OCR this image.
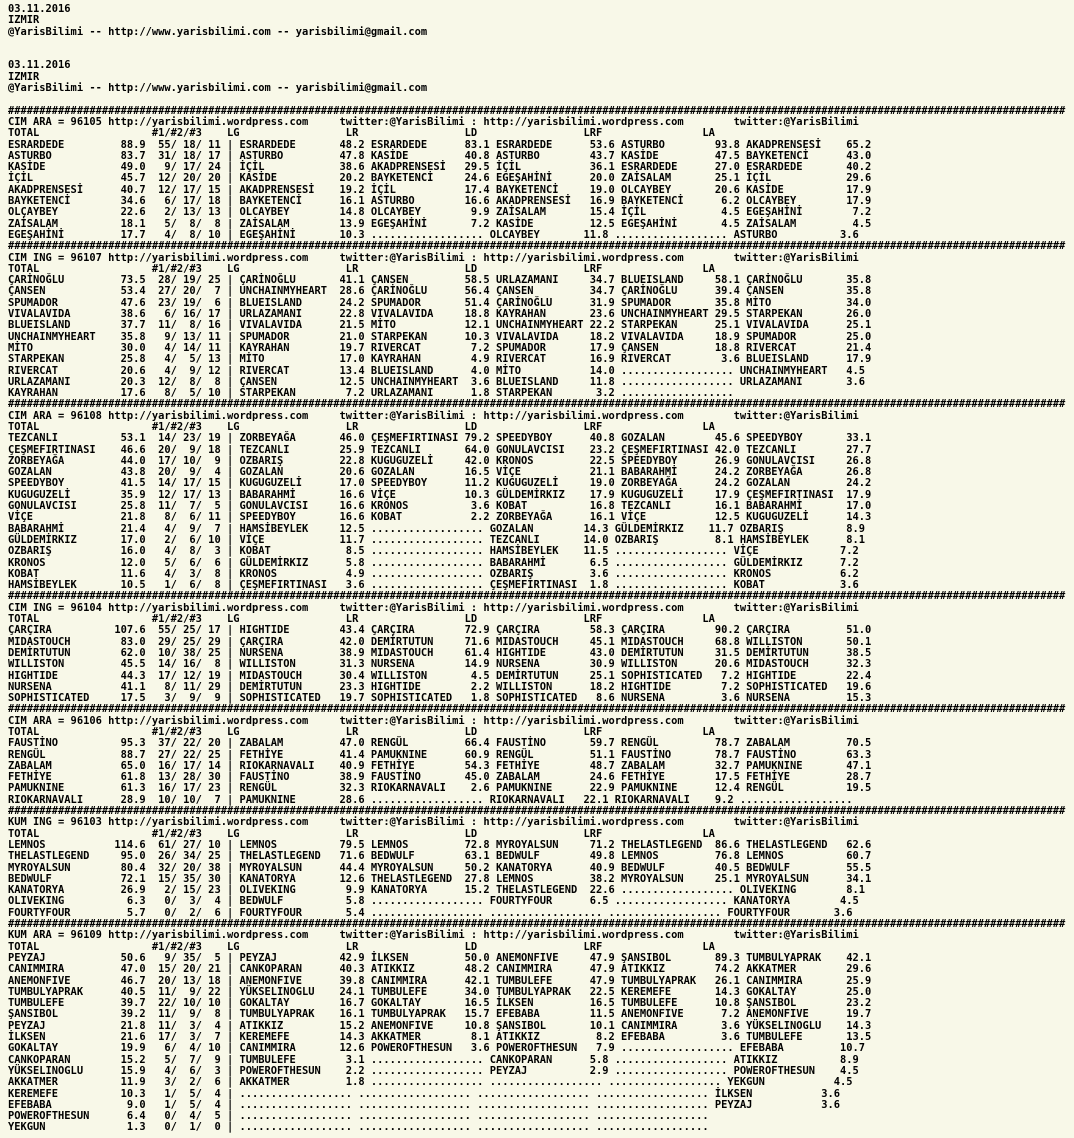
03.11.2016
IZMIR
@YarisBilimi -- http://www.yarisbilimi.com -- yarisbilimi@gmail.com
03.11.2016
IZMIR
@YarisBilimi -- http://www.yarisbilimi.com -- yarisbilimi@gmail.com
#########################################################################################################################################################################
CIM ARA = 96105 http://yarisbilimi.wordpress.com     twitter:@YarisBilimi : http://yarisbilimi.wordpress.com        twitter:@YarisBilimi
TOTAL                  #1/#2/#3    LG                 LR                 LD                 LRF                LA
ESRARDEDE         88.9  55/ 18/ 11 | ESRARDEDE       48.2 ESRARDEDE      83.1 ESRARDEDE      53.6 ASTURBO        93.8 AKADPRENSESİ    65.2
ASTURBO           83.7  31/ 18/ 17 | ASTURBO         47.8 KASİDE         40.8 ASTURBO        43.7 KASİDE         47.5 BAYKETENCİ      43.0
KASİDE            49.0   9/ 17/ 24 | İÇİL            38.6 AKADPRENSESİ   29.5 İÇİL           36.1 ESRARDEDE      27.0 ESRARDEDE       40.2
İÇİL              45.7  12/ 20/ 20 | KASİDE          20.2 BAYKETENCİ     24.6 EGEŞAHİNİ      20.0 ZAİSALAM       25.1 İÇİL            29.6
AKADPRENSESİ      40.7  12/ 17/ 15 | AKADPRENSESİ    19.2 İÇİL           17.4 BAYKETENCİ     19.0 OLCAYBEY       20.6 KASİDE          17.9
BAYKETENCİ        34.6   6/ 17/ 18 | BAYKETENCİ      16.1 ASTURBO        16.6 AKADPRENSESİ   16.9 BAYKETENCİ      6.2 OLCAYBEY        17.9
OLÇAYBEY          22.6   2/ 13/ 13 | OLCAYBEY        14.8 OLCAYBEY        9.9 ZAİSALAM       15.4 İÇİL            4.5 EGEŞAHİNİ        7.2
ZAİSALAM          18.1   5/  8/  8 | ZAİSALAM        13.9 EGEŞAHİNİ       7.2 KASİDE         12.5 EGEŞAHİNİ       4.5 ZAİSALAM         4.5
EGEŞAHİNİ         17.7   4/  8/ 10 | EGEŞAHİNİ       10.3 .................. OLCAYBEY       11.8 .................. ASTURBO          3.6
#########################################################################################################################################################################
CIM ING = 96107 http://yarisbilimi.wordpress.com     twitter:@YarisBilimi : http://yarisbilimi.wordpress.com        twitter:@YarisBilimi
TOTAL                  #1/#2/#3    LG                 LR                 LD                 LRF                LA
ÇARİNOĞLU         73.5  28/ 19/ 25 | ÇARİNOĞLU       41.1 ÇANSEN         58.5 URLAZAMANI     34.7 BLUEISLAND     58.1 ÇARİNOĞLU       35.8
ÇANSEN            53.4  27/ 20/  7 | UNCHAINMYHEART  28.6 ÇARİNOĞLU      56.4 ÇANSEN         34.7 ÇARİNOĞLU      39.4 ÇANSEN          35.8
SPUMADOR          47.6  23/ 19/  6 | BLUEISLAND      24.2 SPUMADOR       51.4 ÇARİNOĞLU      31.9 SPUMADOR       35.8 MİTO            34.0
VIVALAVIDA        38.6   6/ 16/ 17 | URLAZAMANI      22.8 VIVALAVIDA     18.8 KAYRAHAN       23.6 UNCHAINMYHEART 29.5 STARPEKAN       26.0
BLUEISLAND        37.7  11/  8/ 16 | VIVALAVIDA      21.5 MİTO           12.1 UNCHAINMYHEART 22.2 STARPEKAN      25.1 VIVALAVIDA      25.1
UNCHAINMYHEART    35.8   9/ 13/ 11 | SPUMADOR        21.0 STARPEKAN      10.3 VIVALAVIDA     18.2 VIVALAVIDA     18.9 SPUMADOR        25.0
MİTO              30.0   4/ 14/ 11 | KAYRAHAN        19.7 RIVERCAT        7.2 SPUMADOR       17.9 ÇANSEN         18.8 RIVERCAT        21.4
STARPEKAN         25.8   4/  5/ 13 | MİTO            17.0 KAYRAHAN        4.9 RIVERCAT       16.9 RIVERCAT        3.6 BLUEISLAND      17.9
RIVERCAT          20.6   4/  9/ 12 | RIVERCAT        13.4 BLUEISLAND      4.0 MİTO           14.0 .................. UNCHAINMYHEART   4.5
URLAZAMANI        20.3  12/  8/  8 | ÇANSEN          12.5 UNCHAINMYHEART  3.6 BLUEISLAND     11.8 .................. URLAZAMANI       3.6
KAYRAHAN          17.6   8/  5/ 10 | STARPEKAN        7.2 URLAZAMANI      1.8 STARPEKAN       3.2 ..................
#########################################################################################################################################################################
CIM ARA = 96108 http://yarisbilimi.wordpress.com     twitter:@YarisBilimi : http://yarisbilimi.wordpress.com        twitter:@YarisBilimi
TOTAL                  #1/#2/#3    LG                 LR                 LD                 LRF                LA
TEZCANLI          53.1  14/ 23/ 19 | ZORBEYAĞA       46.0 ÇEŞMEFIRTINASI 79.2 SPEEDYBOY      40.8 GOZALAN        45.6 SPEEDYBOY       33.1
ÇEŞMEFIRTINASI    46.6  20/  9/ 18 | TEZCANLI        25.9 TEZCANLI       64.0 GONULAVCISI    23.2 ÇEŞMEFIRTINASI 42.0 TEZCANLI        27.7
ZORBEYAĞA         44.0  17/ 10/  9 | OZBARIŞ         22.8 KUGUGUZELİ     42.0 KRONOS         22.5 SPEEDYBOY      26.9 GONULAVCISI     26.8
GOZALAN           43.8  20/  9/  4 | GOZALAN         20.6 GOZALAN        16.5 VİÇE           21.1 BABARAHMİ      24.2 ZORBEYAĞA       26.8
SPEEDYBOY         41.5  14/ 17/ 15 | KUGUGUZELİ      17.0 SPEEDYBOY      11.2 KUGUGUZELİ     19.0 ZORBEYAĞA      24.2 GOZALAN         24.2
KUGUGUZELİ        35.9  12/ 17/ 13 | BABARAHMİ       16.6 VİÇE           10.3 GÜLDEMİRKIZ    17.9 KUGUGUZELİ     17.9 ÇEŞMEFIRTINASI  17.9
GONULAVCISI       25.8  11/  7/  5 | GONULAVCISI     16.6 KRONOS          3.6 KOBAT          16.8 TEZCANLI       16.1 BABARAHMİ       17.0
VİÇE              21.8   8/  6/ 11 | SPEEDYBOY       16.6 KOBAT           2.2 ZORBEYAĞA      16.1 VİÇE           12.5 KUGUGUZELİ      14.3
BABARAHMİ         21.4   4/  9/  7 | HAMSİBEYLEK     12.5 .................. GOZALAN        14.3 GÜLDEMİRKIZ    11.7 OZBARIŞ          8.9
GÜLDEMİRKIZ       17.0   2/  6/ 10 | VİÇE            11.7 .................. TEZCANLI       14.0 OZBARIŞ         8.1 HAMSİBEYLEK      8.1
OZBARIŞ           16.0   4/  8/  3 | KOBAT            8.5 .................. HAMSİBEYLEK    11.5 .................. VİÇE             7.2
KRONOS            12.0   5/  6/  6 | GÜLDEMİRKIZ      5.8 .................. BABARAHMİ       6.5 .................. GÜLDEMİRKIZ      7.2
KOBAT             11.6   4/  3/  8 | KRONOS           4.9 .................. OZBARIŞ         3.6 .................. KRONOS           6.2
HAMSİBEYLEK       10.5   1/  6/  8 | ÇEŞMEFIRTINASI   3.6 .................. ÇEŞMEFIRTINASI  1.8 .................. KOBAT            3.6
#########################################################################################################################################################################
CIM ING = 96104 http://yarisbilimi.wordpress.com     twitter:@YarisBilimi : http://yarisbilimi.wordpress.com        twitter:@YarisBilimi
TOTAL                  #1/#2/#3    LG                 LR                 LD                 LRF                LA
ÇARÇIRA          107.6  55/ 25/ 17 | HIGHTIDE        43.4 ÇARÇIRA        72.9 ÇARÇIRA        58.3 ÇARÇIRA        90.2 ÇARÇIRA         51.0
MIDASTOUCH        83.0  29/ 25/ 29 | ÇARÇIRA         42.0 DEMİRTUTUN     71.6 MIDASTOUCH     45.1 MIDASTOUCH     68.8 WILLISTON       50.1
DEMİRTUTUN        62.0  10/ 38/ 25 | NURSENA         38.9 MIDASTOUCH     61.4 HIGHTIDE       43.0 DEMİRTUTUN     31.5 DEMİRTUTUN      38.5
WILLISTON         45.5  14/ 16/  8 | WILLISTON       31.3 NURSENA        14.9 NURSENA        30.9 WILLISTON      20.6 MIDASTOUCH      32.3
HIGHTIDE          44.3  17/ 12/ 19 | MIDASTOUCH      30.4 WILLISTON       4.5 DEMİRTUTUN     25.1 SOPHISTICATED   7.2 HIGHTIDE        22.4
NURSENA           41.1   8/ 11/ 29 | DEMİRTUTUN      23.3 HIGHTIDE        2.2 WILLISTON      18.2 HIGHTIDE        7.2 SOPHISTICATED   19.6
SOPHISTICATED     17.5   3/  9/  9 | SOPHISTICATED   19.7 SOPHISTICATED   1.8 SOPHISTICATED   8.6 NURSENA         3.6 NURSENA         15.3
#########################################################################################################################################################################
CIM ARA = 96106 http://yarisbilimi.wordpress.com     twitter:@YarisBilimi : http://yarisbilimi.wordpress.com        twitter:@YarisBilimi
TOTAL                  #1/#2/#3    LG                 LR                 LD                 LRF                LA
FAUSTİNO          95.3  37/ 22/ 20 | ZABALAM         47.0 RENGÜL         66.4 FAUSTİNO       59.7 RENGÜL         78.7 ZABALAM         70.5
RENGÜL            88.7  27/ 22/ 25 | FETHİYE         41.4 PAMUKNINE      60.9 RENGÜL         51.1 FAUSTİNO       78.7 FAUSTİNO        63.3
ZABALAM           65.0  16/ 17/ 14 | RIOKARNAVALI    40.9 FETHİYE        54.3 FETHİYE        48.7 ZABALAM        32.7 PAMUKNINE       47.1
FETHİYE           61.8  13/ 28/ 30 | FAUSTİNO        38.9 FAUSTİNO       45.0 ZABALAM        24.6 FETHİYE        17.5 FETHİYE         28.7
PAMUKNINE         61.3  16/ 17/ 23 | RENGÜL          32.3 RIOKARNAVALI    2.6 PAMUKNINE      22.9 PAMUKNINE      12.4 RENGÜL          19.5
RIOKARNAVALI      28.9  10/ 10/  7 | PAMUKNINE       28.6 .................. RIOKARNAVALI   22.1 RIOKARNAVALI    9.2 ..................
#########################################################################################################################################################################
KUM ING = 96103 http://yarisbilimi.wordpress.com     twitter:@YarisBilimi : http://yarisbilimi.wordpress.com        twitter:@YarisBilimi
TOTAL                  #1/#2/#3    LG                 LR                 LD                 LRF                LA
LEMNOS           114.6  61/ 27/ 10 | LEMNOS          79.5 LEMNOS         72.8 MYROYALSUN     71.2 THELASTLEGEND  86.6 THELASTLEGEND   62.6
THELASTLEGEND     95.0  26/ 34/ 25 | THELASTLEGEND   71.6 BEDWULF        63.1 BEDWULF        49.8 LEMNOS         76.8 LEMNOS          60.7
MYROYALSUN        80.4  32/ 20/ 38 | MYROYALSUN      44.4 MYROYALSUN     50.2 KANATORYA      40.9 BEDWULF        40.5 BEDWULF         55.5
BEDWULF           72.1  15/ 35/ 30 | KANATORYA       12.6 THELASTLEGEND  27.8 LEMNOS         38.2 MYROYALSUN     25.1 MYROYALSUN      34.1
KANATORYA         26.9   2/ 15/ 23 | OLIVEKING        9.9 KANATORYA      15.2 THELASTLEGEND  22.6 .................. OLIVEKING        8.1
OLIVEKING          6.3   0/  3/  4 | BEDWULF          5.8 .................. FOURTYFOUR      6.5 .................. KANATORYA        4.5
FOURTYFOUR         5.7   0/  2/  6 | FOURTYFOUR       5.4 .................. .................. .................. FOURTYFOUR       3.6
#########################################################################################################################################################################
KUM ARA = 96109 http://yarisbilimi.wordpress.com     twitter:@YarisBilimi : http://yarisbilimi.wordpress.com        twitter:@YarisBilimi
TOTAL                  #1/#2/#3    LG                 LR                 LD                 LRF                LA
PEYZAJ            50.6   9/ 35/  5 | PEYZAJ          42.9 İLKSEN         50.0 ANEMONFIVE     47.9 ŞANSIBOL       89.3 TUMBULYAPRAK    42.1
CANIMMIRA         47.0  15/ 20/ 21 | CANKOPARAN      40.3 ATIKKIZ        48.2 CANIMMIRA      47.9 ATIKKIZ        74.2 AKKATMER        29.6
ANEMONFIVE        46.7  20/ 13/ 18 | ANEMONFIVE      39.8 CANIMMIRA      42.1 TUMBULEFE      47.9 TUMBULYAPRAK   26.1 CANIMMIRA       25.9
TUMBULYAPRAK      40.5  11/  9/ 22 | YÜKSELINOGLU    24.1 TUMBULEFE      34.0 TUMBULYAPRAK   22.5 KEREMEFE       14.3 GOKALTAY        25.0
TUMBULEFE         39.7  22/ 10/ 10 | GOKALTAY        16.7 GOKALTAY       16.5 İLKSEN         16.5 TUMBULEFE      10.8 ŞANSIBOL        23.2
ŞANSIBOL          39.2  11/  9/  8 | TUMBULYAPRAK    16.1 TUMBULYAPRAK   15.7 EFEBABA        11.5 ANEMONFIVE      7.2 ANEMONFIVE      19.7
PEYZAJ            21.8  11/  3/  4 | ATIKKIZ         15.2 ANEMONFIVE     10.8 ŞANSIBOL       10.1 CANIMMIRA       3.6 YÜKSELINOGLU    14.3
İLKSEN            21.6  17/  3/  7 | KEREMEFE        14.3 AKKATMER        8.1 ATIKKIZ         8.2 EFEBABA         3.6 TUMBULEFE       13.5
GOKALTAY          19.9   6/  4/ 10 | CANIMMIRA       12.6 POWEROFTHESUN   3.6 POWEROFTHESUN   7.9 .................. EFEBABA         10.7
CANKOPARAN        15.2   5/  7/  9 | TUMBULEFE        3.1 .................. CANKOPARAN      5.8 .................. ATIKKIZ          8.9
YÜKSELINOGLU      15.9   4/  6/  3 | POWEROFTHESUN    2.2 .................. PEYZAJ          2.9 .................. POWEROFTHESUN    4.5
AKKATMER          11.9   3/  2/  6 | AKKATMER         1.8 .................. .................. .................. YEKGUN           4.5
KEREMEFE          10.3   1/  5/  4 | .................. .................. .................. .................. İLKSEN           3.6
EFEBABA            9.0   1/  5/  4 | .................. .................. .................. .................. PEYZAJ           3.6
POWEROFTHESUN      6.4   0/  4/  5 | .................. .................. .................. ..................
YEKGUN             1.3   0/  1/  0 | .................. .................. .................. ..................
